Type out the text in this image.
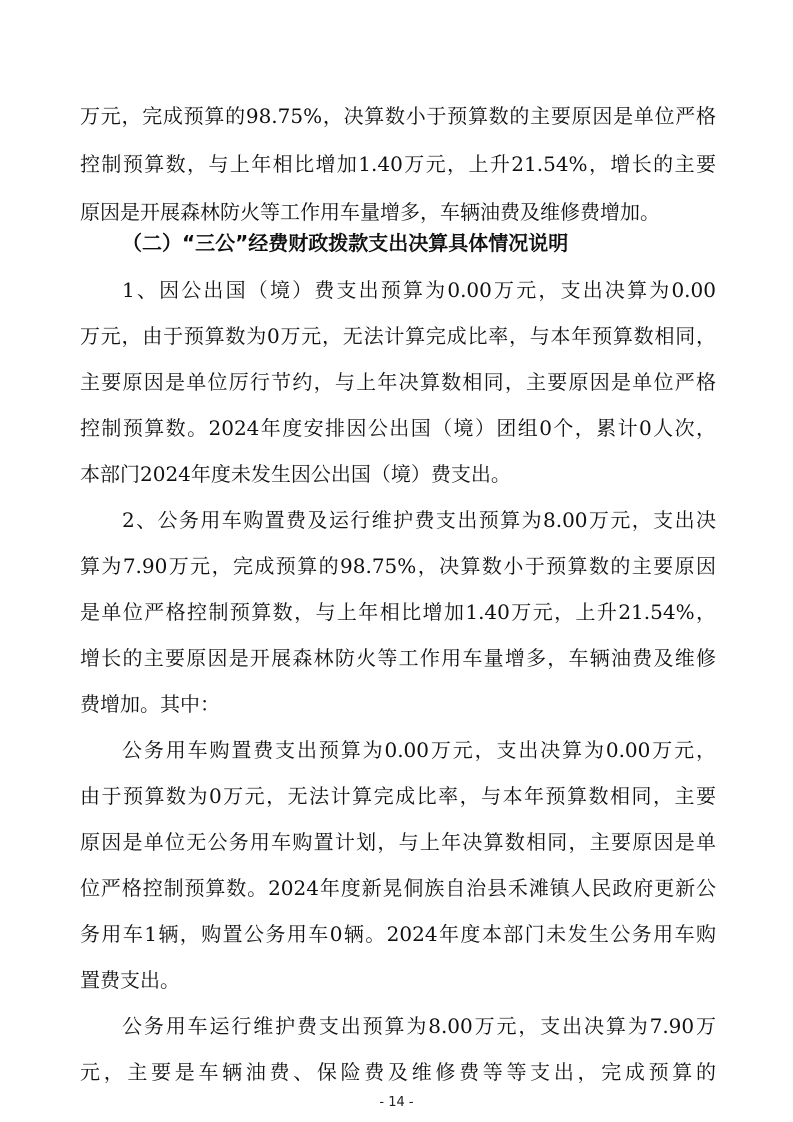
万元，完成预算的98.75%，决算数小于预算数的主要原因是单位严格
控制预算数，与上年相比增加1.40万元，上升21.54%，增长的主要
原因是开展森林防火等工作用车量增多，车辆油费及维修费增加。
（二）“三公”经费财政拨款支出决算具体情况说明
1、因公出国（境）费支出预算为0.00万元，支出决算为0.00
万元，由于预算数为0万元，无法计算完成比率，与本年预算数相同，
主要原因是单位厉行节约，与上年决算数相同，主要原因是单位严格
控制预算数。2024年度安排因公出国（境）团组0个，累计0人次，
本部门2024年度未发生因公出国（境）费支出。
2、公务用车购置费及运行维护费支出预算为8.00万元，支出决
算为7.90万元，完成预算的98.75%，决算数小于预算数的主要原因
是单位严格控制预算数，与上年相比增加1.40万元，上升21.54%，
增长的主要原因是开展森林防火等工作用车量增多，车辆油费及维修
费增加。其中：
公务用车购置费支出预算为0.00万元，支出决算为0.00万元，
由于预算数为0万元，无法计算完成比率，与本年预算数相同，主要
原因是单位无公务用车购置计划，与上年决算数相同，主要原因是单
位严格控制预算数。2024年度新晃侗族自治县禾滩镇人民政府更新公
务用车1辆，购置公务用车0辆。2024年度本部门未发生公务用车购
置费支出。
公务用车运行维护费支出预算为8.00万元，支出决算为7.90万
元，主要是车辆油费、保险费及维修费等等支出，完成预算的
- 14 -
